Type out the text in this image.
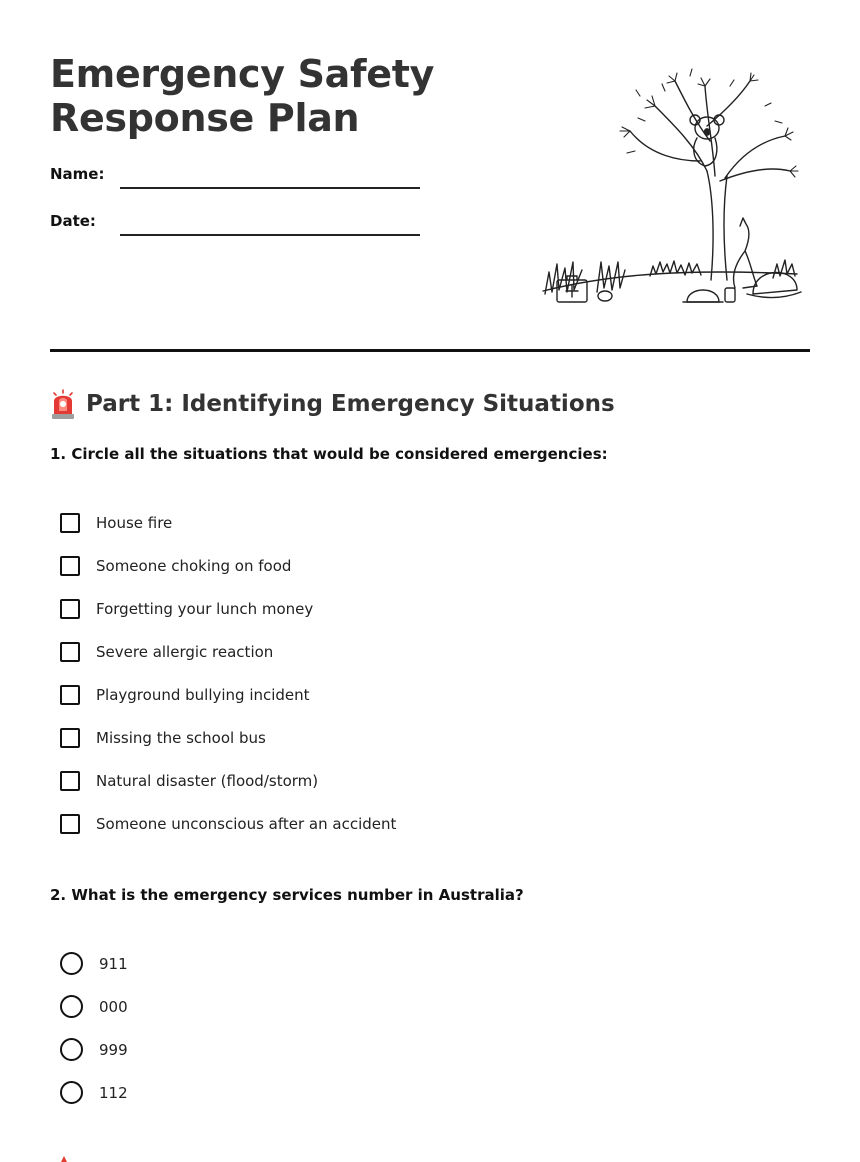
Emergency Safety
Response Plan
Name:
Date:
Part 1: Identifying Emergency Situations
1. Circle all the situations that would be considered emergencies:
House fire
Someone choking on food
Forgetting your lunch money
Severe allergic reaction
Playground bullying incident
Missing the school bus
Natural disaster (flood/storm)
Someone unconscious after an accident
2. What is the emergency services number in Australia?
911
000
999
112
